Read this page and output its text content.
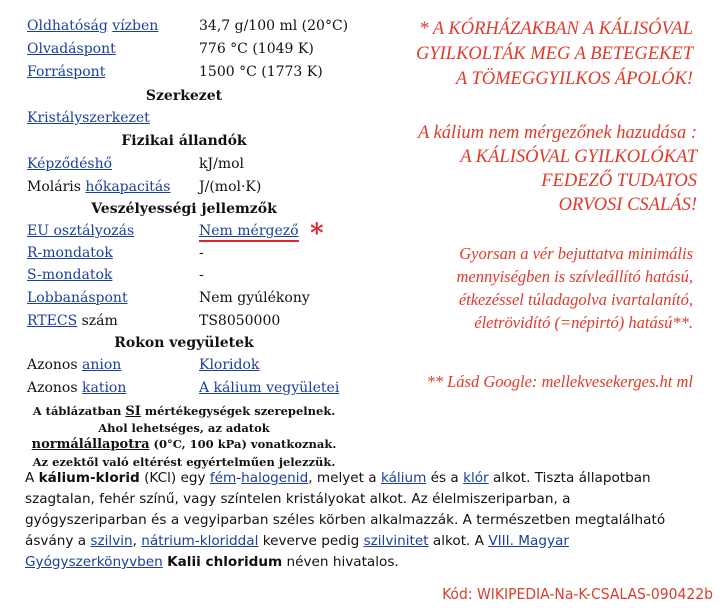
Oldhatóság vízben	34,7 g/100 ml (20°C)
Olvadáspont	776 °C (1049 K)
Forráspont	1500 °C (1773 K)
Szerkezet
Kristályszerkezet
Fizikai állandók
Képződéshő	kJ/mol
Moláris hőkapacitás J/(mol·K)
Veszélyességi jellemzők
EU osztályozás	Nem mérgező *
R-mondatok	-
S-mondatok	-
Lobbanáspont	Nem gyúlékony
RTECS szám	TS8050000
Rokon vegyületek
Azonos anion	Kloridok
Azonos kation	A kálium vegyületei
A táblázatban SI mértékegységek szerepelnek.
Ahol lehetséges, az adatok
normálállapotra (0°C, 100 kPa) vonatkoznak.
Az ezektől való eltérést egyértelműen jelezzük.
* A KÓRHÁZAKBAN A KÁLISÓVAL
GYILKOLTÁK MEG A BETEGEKET
A TÖMEGGYILKOS ÁPOLÓK!
A kálium nem mérgezőnek hazudása :
A KÁLISÓVAL GYILKOLÓKAT
FEDEZŐ TUDATOS
ORVOSI CSALÁS!
Gyorsan a vér bejuttatva minimális
mennyiségben is szívleállító hatású,
étkezéssel túladagolva ivartalanító,
életrövidító (=népirtó) hatású**.
** Lásd Google: mellekvesekerges.ht ml
A kálium-klorid (KCl) egy fém-halogenid, melyet a kálium és a klór alkot. Tiszta állapotban szagtalan, fehér színű, vagy színtelen kristályokat alkot. Az élelmiszeriparban, a gyógyszeriparban és a vegyiparban széles körben alkalmazzák. A természetben megtalálható ásvány a szilvin, nátrium-kloriddal keverve pedig szilvinitet alkot. A VIII. Magyar Gyógyszerkönyvben Kalii chloridum néven hivatalos.
Kód: WIKIPEDIA-Na-K-CSALAS-090422b
